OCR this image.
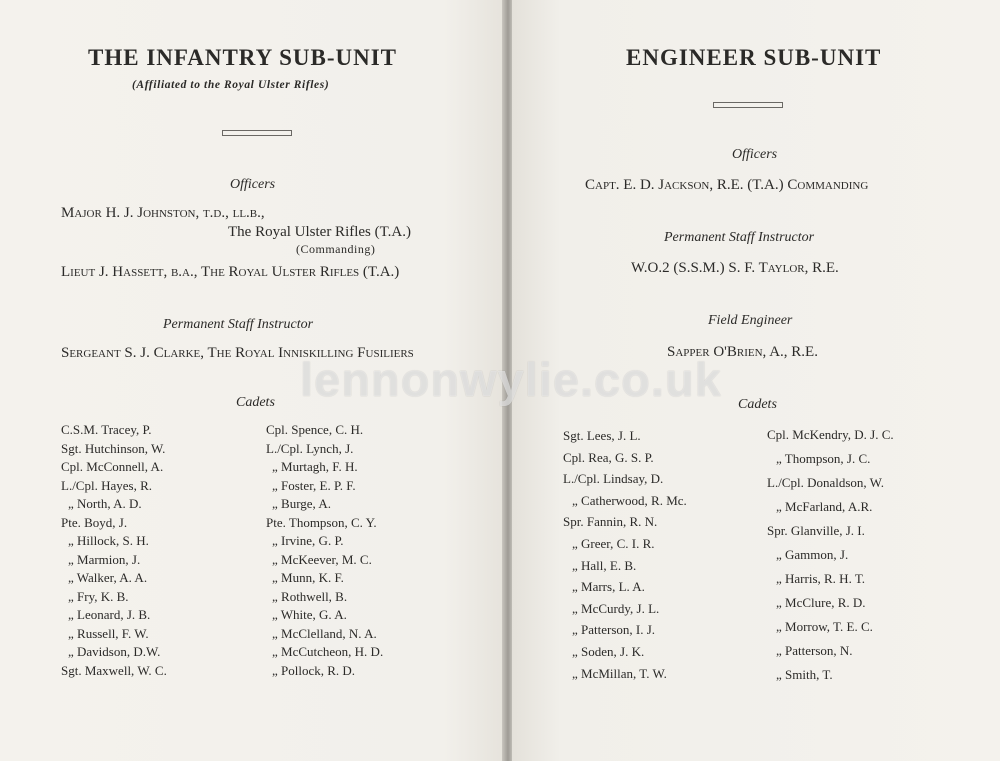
THE INFANTRY SUB-UNIT
(Affiliated to the Royal Ulster Rifles)
Officers
Major H. J. Johnston, t.d., ll.b.,
The Royal Ulster Rifles (T.A.)
(Commanding)
Lieut J. Hassett, b.a., The Royal Ulster Rifles (T.A.)
Permanent Staff Instructor
Sergeant S. J. Clarke, The Royal Inniskilling Fusiliers
Cadets
C.S.M. Tracey, P.
Sgt. Hutchinson, W.
Cpl. McConnell, A.
L./Cpl. Hayes, R.
„ North, A. D.
Pte. Boyd, J.
„ Hillock, S. H.
„ Marmion, J.
„ Walker, A. A.
„ Fry, K. B.
„ Leonard, J. B.
„ Russell, F. W.
„ Davidson, D.W.
Sgt. Maxwell, W. C.
Cpl. Spence, C. H.
L./Cpl. Lynch, J.
„ Murtagh, F. H.
„ Foster, E. P. F.
„ Burge, A.
Pte. Thompson, C. Y.
„ Irvine, G. P.
„ McKeever, M. C.
„ Munn, K. F.
„ Rothwell, B.
„ White, G. A.
„ McClelland, N. A.
„ McCutcheon, H. D.
„ Pollock, R. D.
ENGINEER SUB-UNIT
Officers
Capt. E. D. Jackson, R.E. (T.A.) Commanding
Permanent Staff Instructor
W.O.2 (S.S.M.) S. F. Taylor, R.E.
Field Engineer
Sapper O'Brien, A., R.E.
Cadets
Sgt. Lees, J. L.
Cpl. Rea, G. S. P.
L./Cpl. Lindsay, D.
„ Catherwood, R. Mc.
Spr. Fannin, R. N.
„ Greer, C. I. R.
„ Hall, E. B.
„ Marrs, L. A.
„ McCurdy, J. L.
„ Patterson, I. J.
„ Soden, J. K.
„ McMillan, T. W.
Cpl. McKendry, D. J. C.
„ Thompson, J. C.
L./Cpl. Donaldson, W.
„ McFarland, A.R.
Spr. Glanville, J. I.
„ Gammon, J.
„ Harris, R. H. T.
„ McClure, R. D.
„ Morrow, T. E. C.
„ Patterson, N.
„ Smith, T.
lennonwylie.co.uk
